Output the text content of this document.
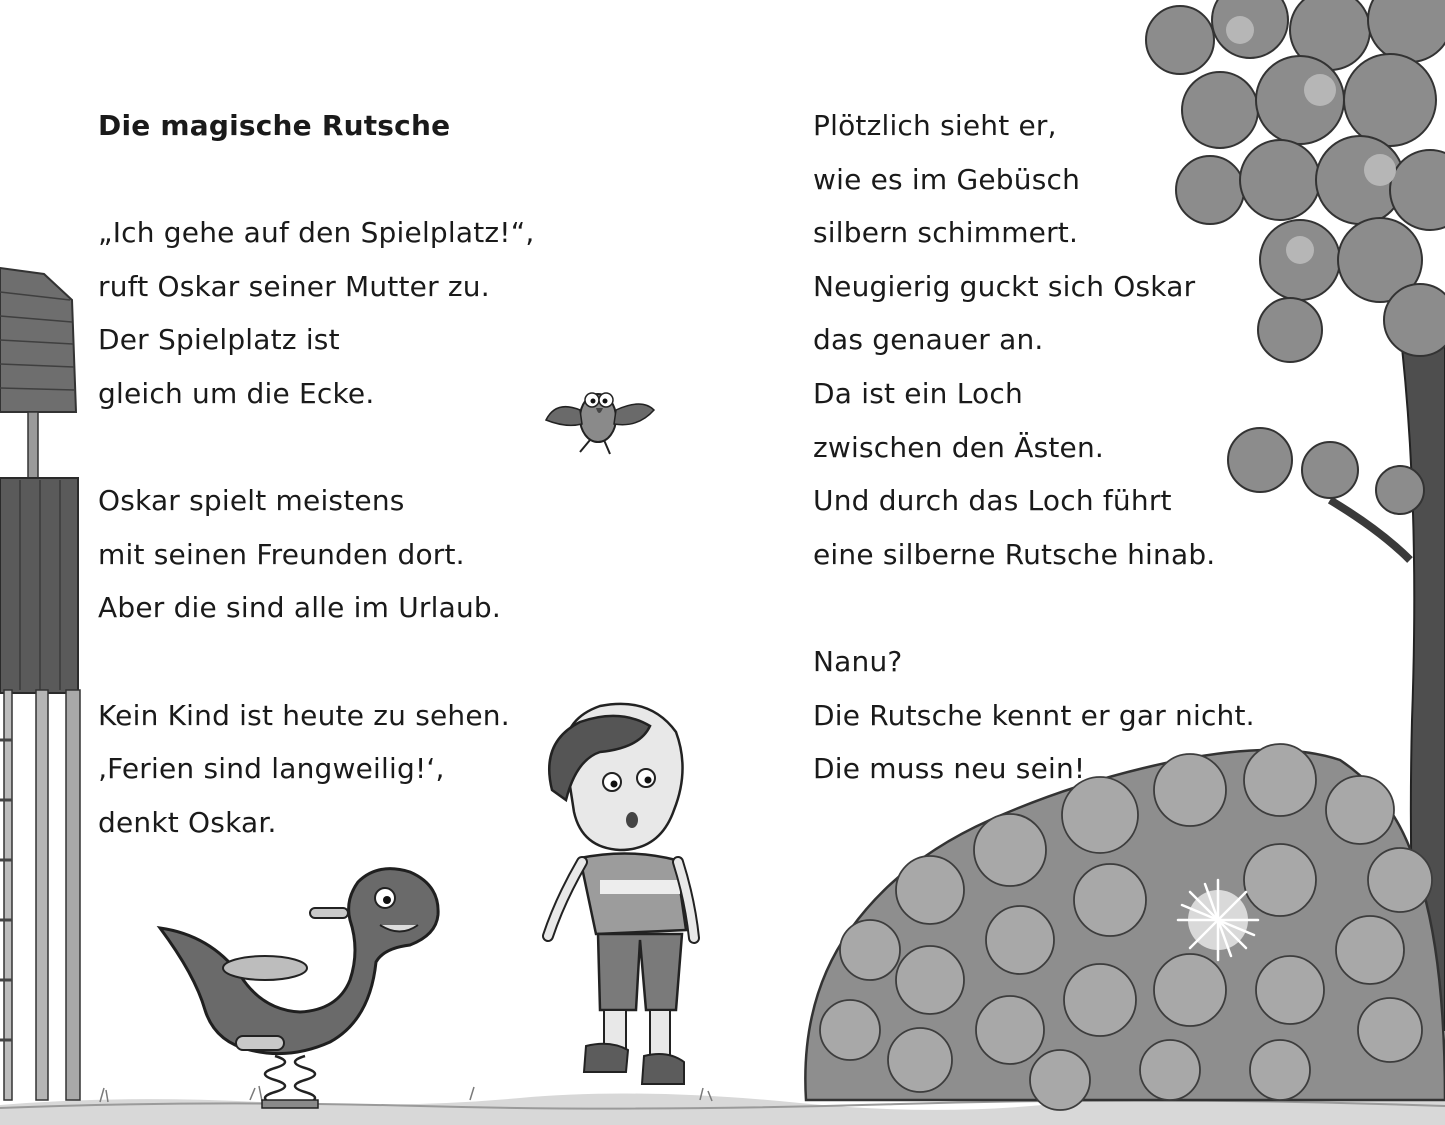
Die magische Rutsche
„Ich gehe auf den Spielplatz!“,
ruft Oskar seiner Mutter zu.
Der Spielplatz ist
gleich um die Ecke.
Oskar spielt meistens
mit seinen Freunden dort.
Aber die sind alle im Urlaub.
Kein Kind ist heute zu sehen.
‚Ferien sind langweilig!‘,
denkt Oskar.
Plötzlich sieht er,
wie es im Gebüsch
silbern schimmert.
Neugierig guckt sich Oskar
das genauer an.
Da ist ein Loch
zwischen den Ästen.
Und durch das Loch führt
eine silberne Rutsche hinab.
Nanu?
Die Rutsche kennt er gar nicht.
Die muss neu sein!
